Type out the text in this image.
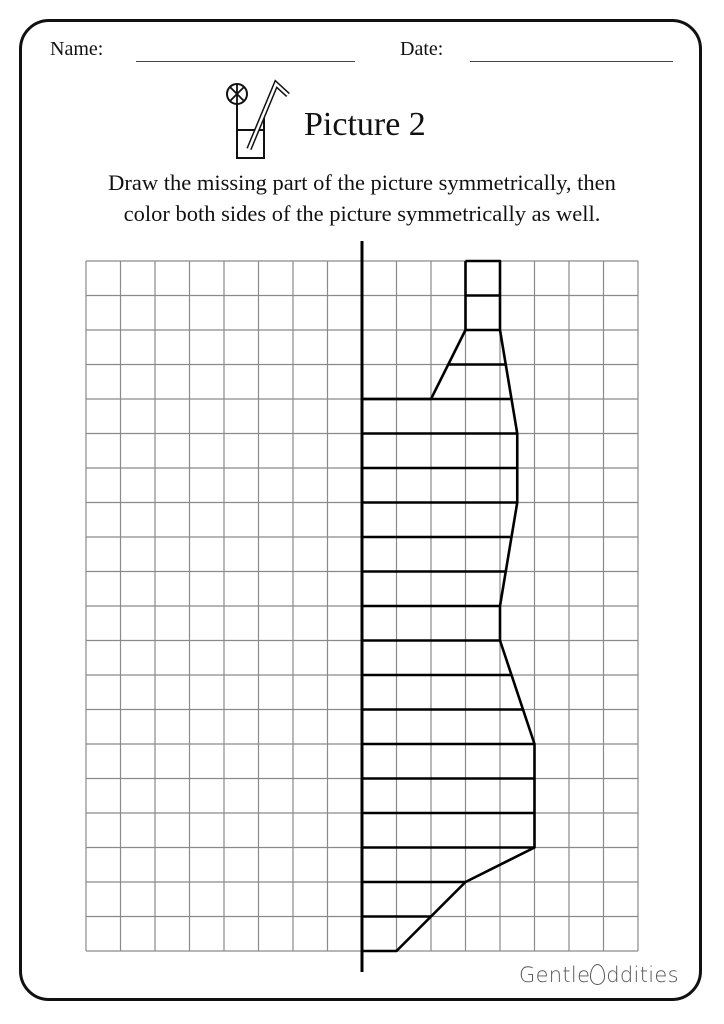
Name:	Date:
Picture 2
Draw the missing part of the picture symmetrically, then
color both sides of the picture symmetrically as well.
Gentle ddities
